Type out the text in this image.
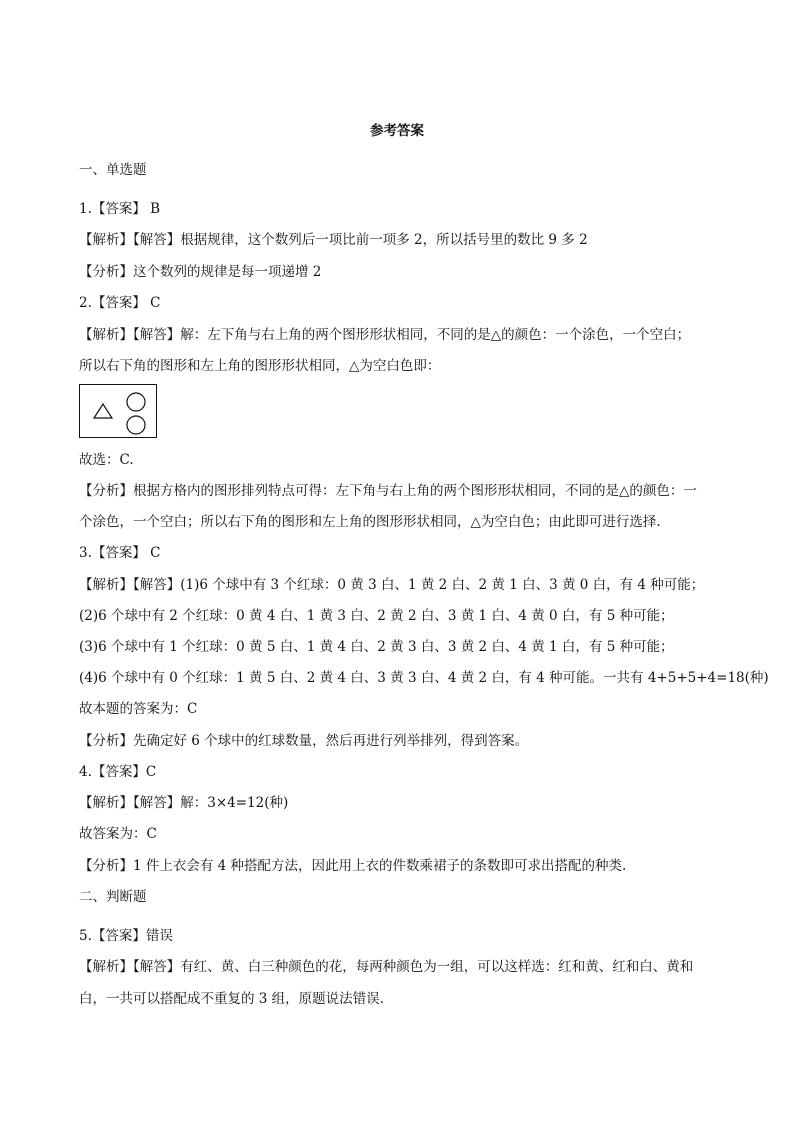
参考答案
一、单选题
1.【答案】 B
【解析】【解答】根据规律，这个数列后一项比前一项多 2，所以括号里的数比 9 多 2
【分析】这个数列的规律是每一项递增 2
2.【答案】 C
【解析】【解答】解：左下角与右上角的两个图形形状相同，不同的是△的颜色：一个涂色，一个空白；
所以右下角的图形和左上角的图形形状相同，△为空白色即：
故选：C.
【分析】根据方格内的图形排列特点可得：左下角与右上角的两个图形形状相同，不同的是△的颜色：一
个涂色，一个空白；所以右下角的图形和左上角的图形形状相同，△为空白色；由此即可进行选择.
3.【答案】 C
【解析】【解答】(1)6 个球中有 3 个红球：0 黄 3 白、1 黄 2 白、2 黄 1 白、3 黄 0 白，有 4 种可能；
(2)6 个球中有 2 个红球：0 黄 4 白、1 黄 3 白、2 黄 2 白、3 黄 1 白、4 黄 0 白，有 5 种可能；
(3)6 个球中有 1 个红球：0 黄 5 白、1 黄 4 白、2 黄 3 白、3 黄 2 白、4 黄 1 白，有 5 种可能；
(4)6 个球中有 0 个红球：1 黄 5 白、2 黄 4 白、3 黄 3 白、4 黄 2 白，有 4 种可能。一共有 4+5+5+4=18(种)
故本题的答案为：C
【分析】先确定好 6 个球中的红球数量，然后再进行列举排列，得到答案。
4.【答案】C
【解析】【解答】解：3×4=12(种)
故答案为：C
【分析】1 件上衣会有 4 种搭配方法，因此用上衣的件数乘裙子的条数即可求出搭配的种类.
二、判断题
5.【答案】错误
【解析】【解答】有红、黄、白三种颜色的花，每两种颜色为一组，可以这样选：红和黄、红和白、黄和
白，一共可以搭配成不重复的 3 组，原题说法错误.
